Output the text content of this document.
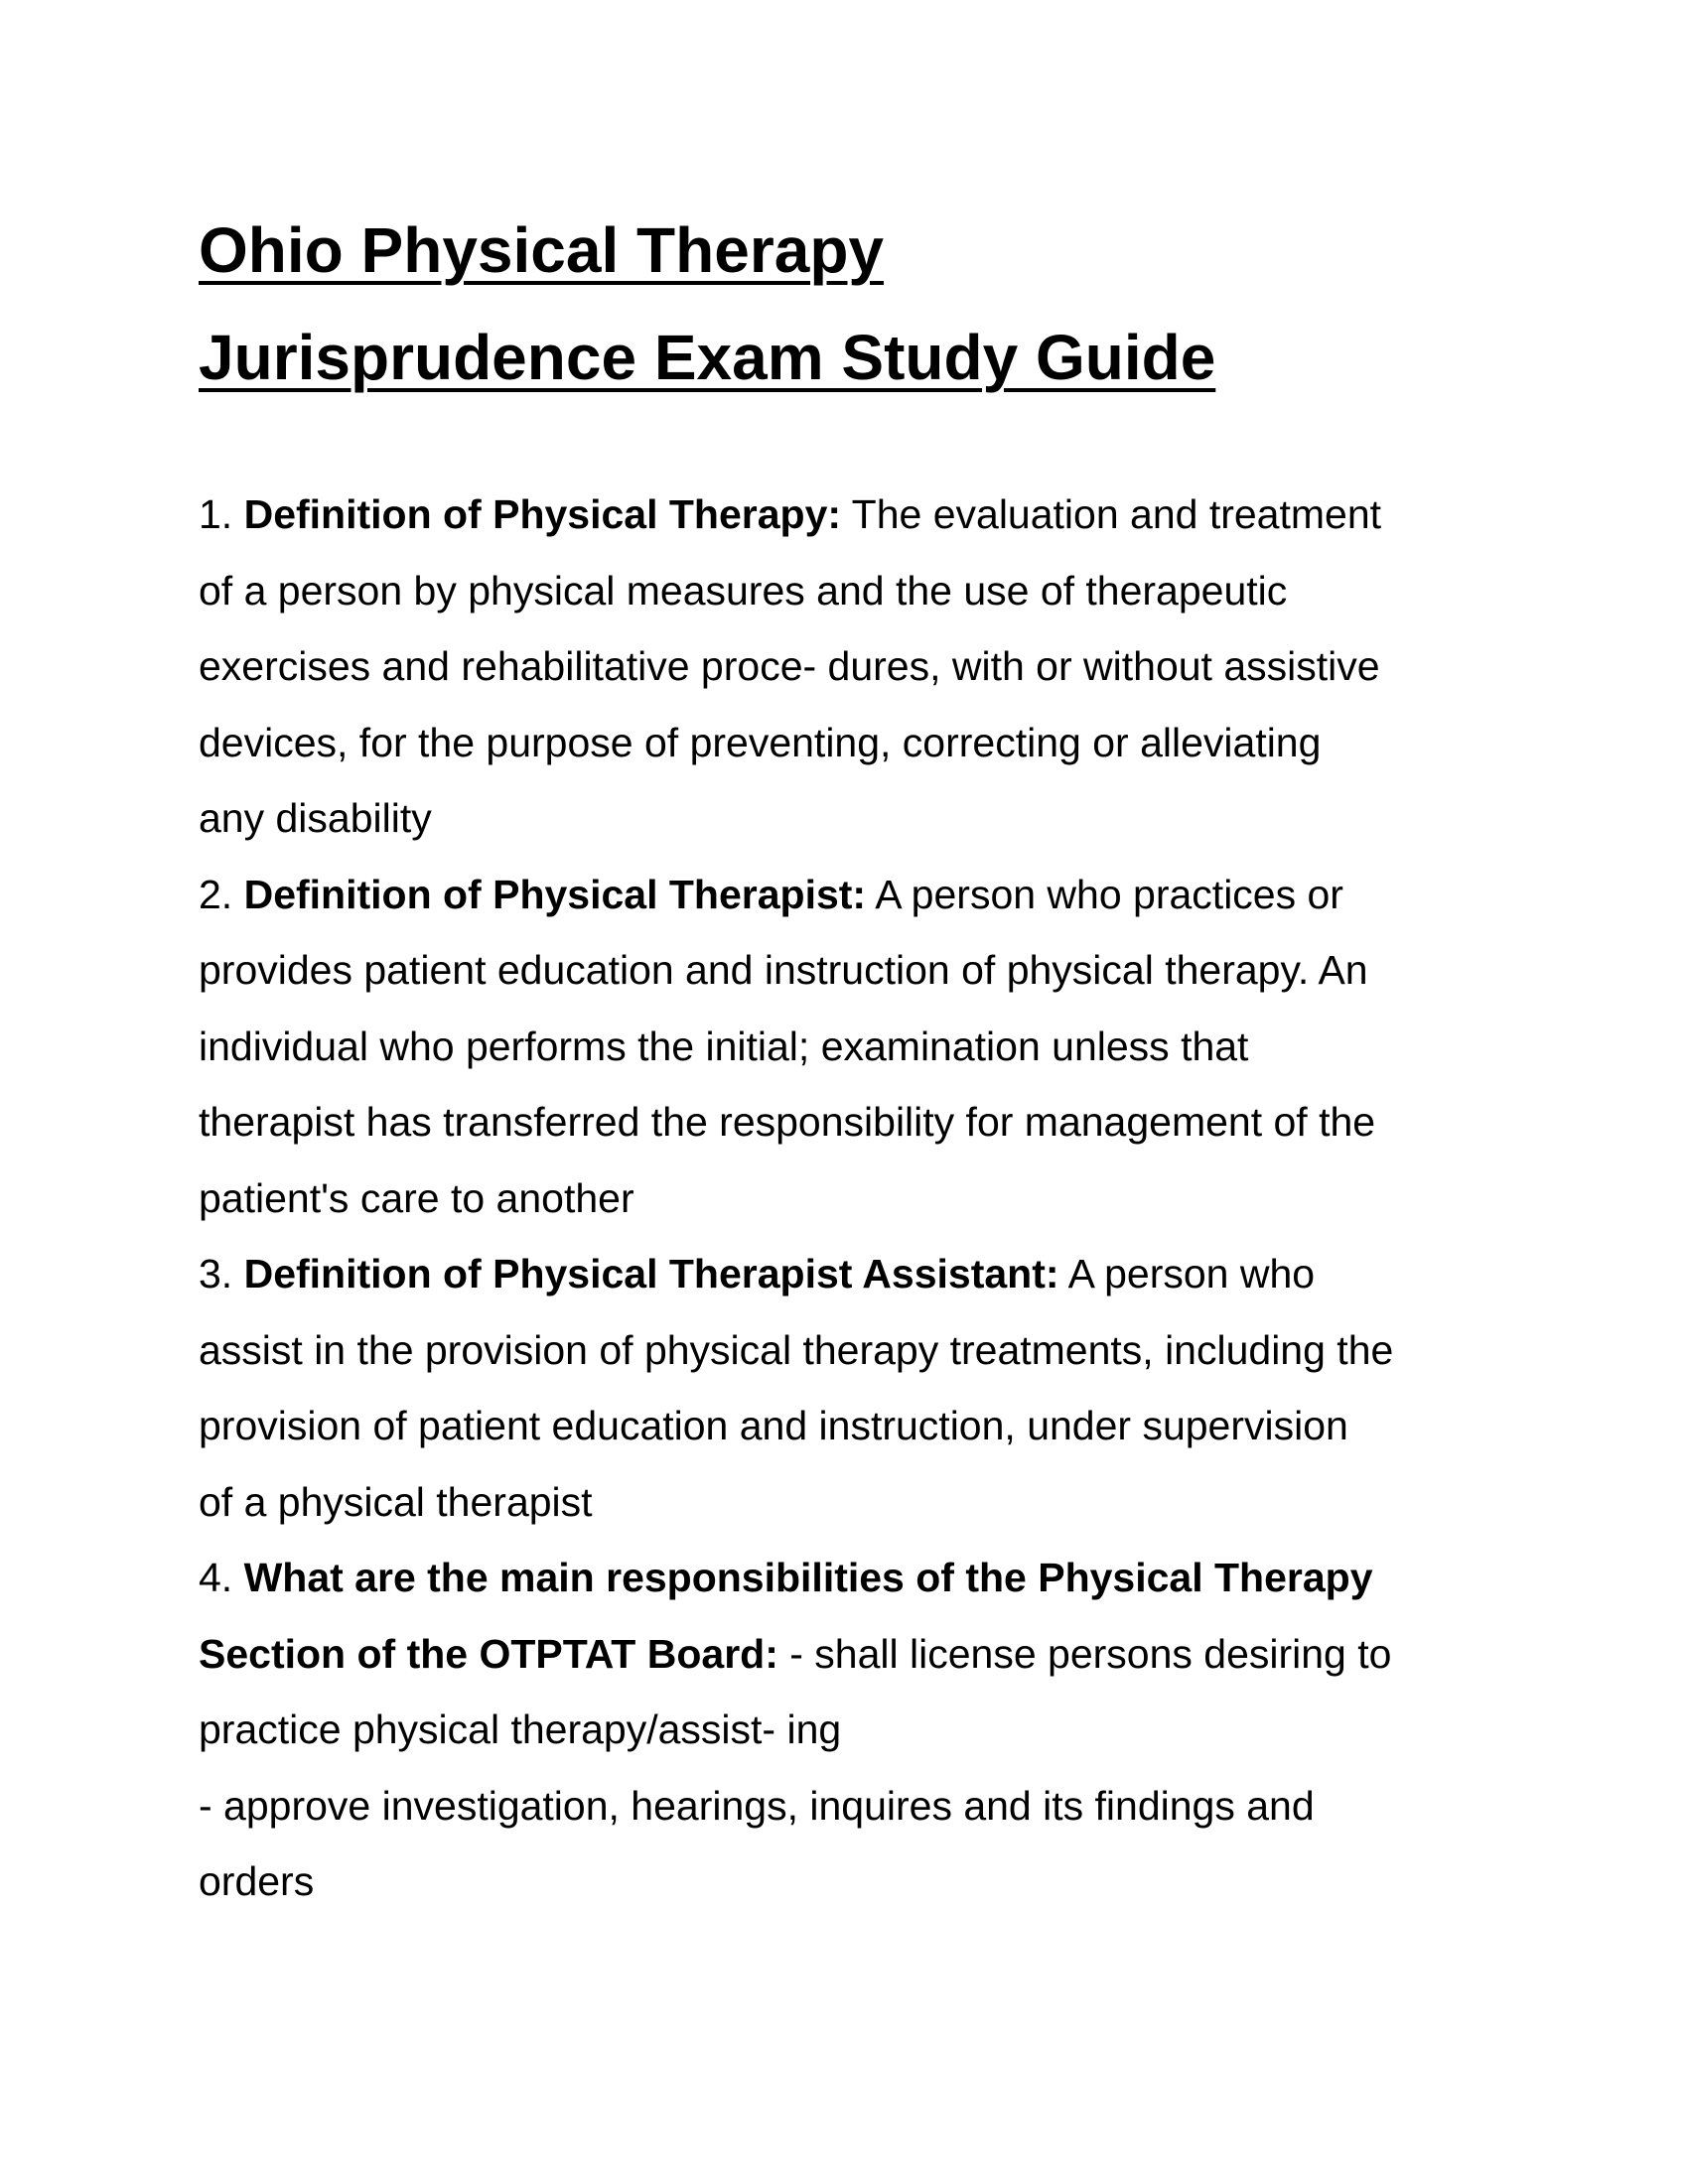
Ohio Physical Therapy
Jurisprudence Exam Study Guide
1. Definition of Physical Therapy: The evaluation and treatment
of a person by physical measures and the use of therapeutic
exercises and rehabilitative proce- dures, with or without assistive
devices, for the purpose of preventing, correcting or alleviating
any disability
2. Definition of Physical Therapist: A person who practices or
provides patient education and instruction of physical therapy. An
individual who performs the initial; examination unless that
therapist has transferred the responsibility for management of the
patient's care to another
3. Definition of Physical Therapist Assistant: A person who
assist in the provision of physical therapy treatments, including the
provision of patient education and instruction, under supervision
of a physical therapist
4. What are the main responsibilities of the Physical Therapy
Section of the OTPTAT Board: - shall license persons desiring to
practice physical therapy/assist- ing
- approve investigation, hearings, inquires and its findings and
orders
